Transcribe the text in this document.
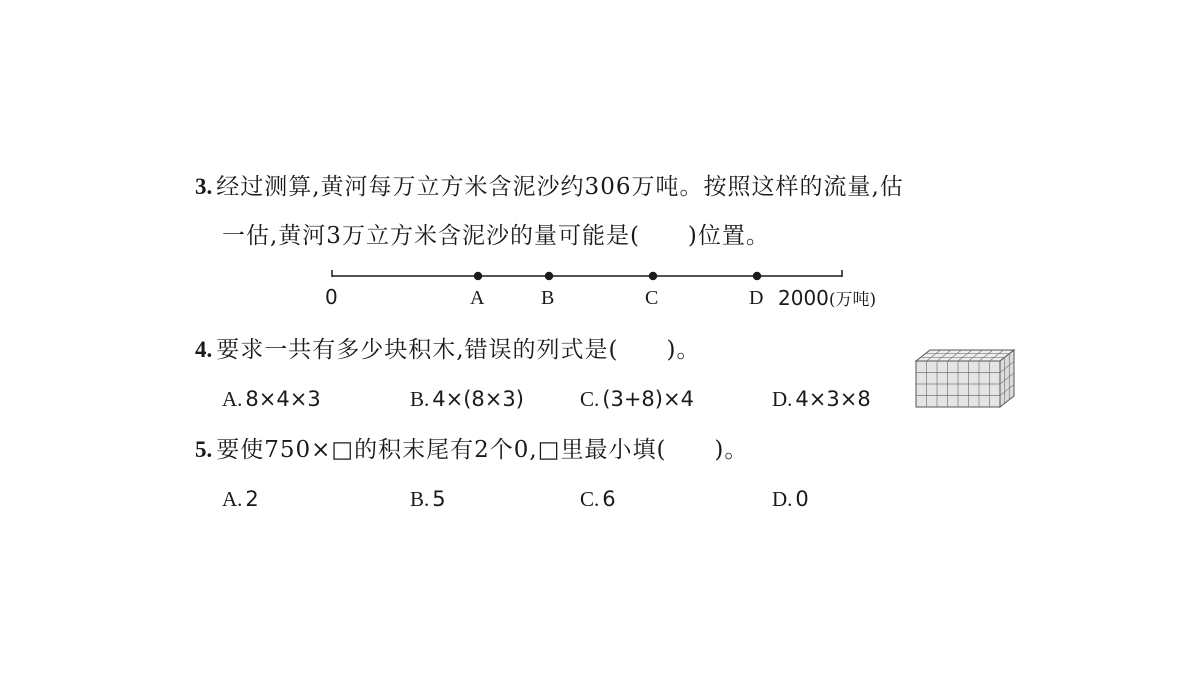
3. 经过测算,黄河每万立方米含泥沙约306万吨。按照这样的流量,估
一估,黄河3万立方米含泥沙的量可能是(　　)位置。
0	A	B	C	D 2000(万吨)
4. 要求一共有多少块积木,错误的列式是(　　)。
A. 8×4×3	B. 4×(8×3)	C. (3+8)×4	D. 4×3×8
5. 要使750×□的积末尾有2个0,□里最小填(　　)。
A. 2	B. 5	C. 6	D. 0
